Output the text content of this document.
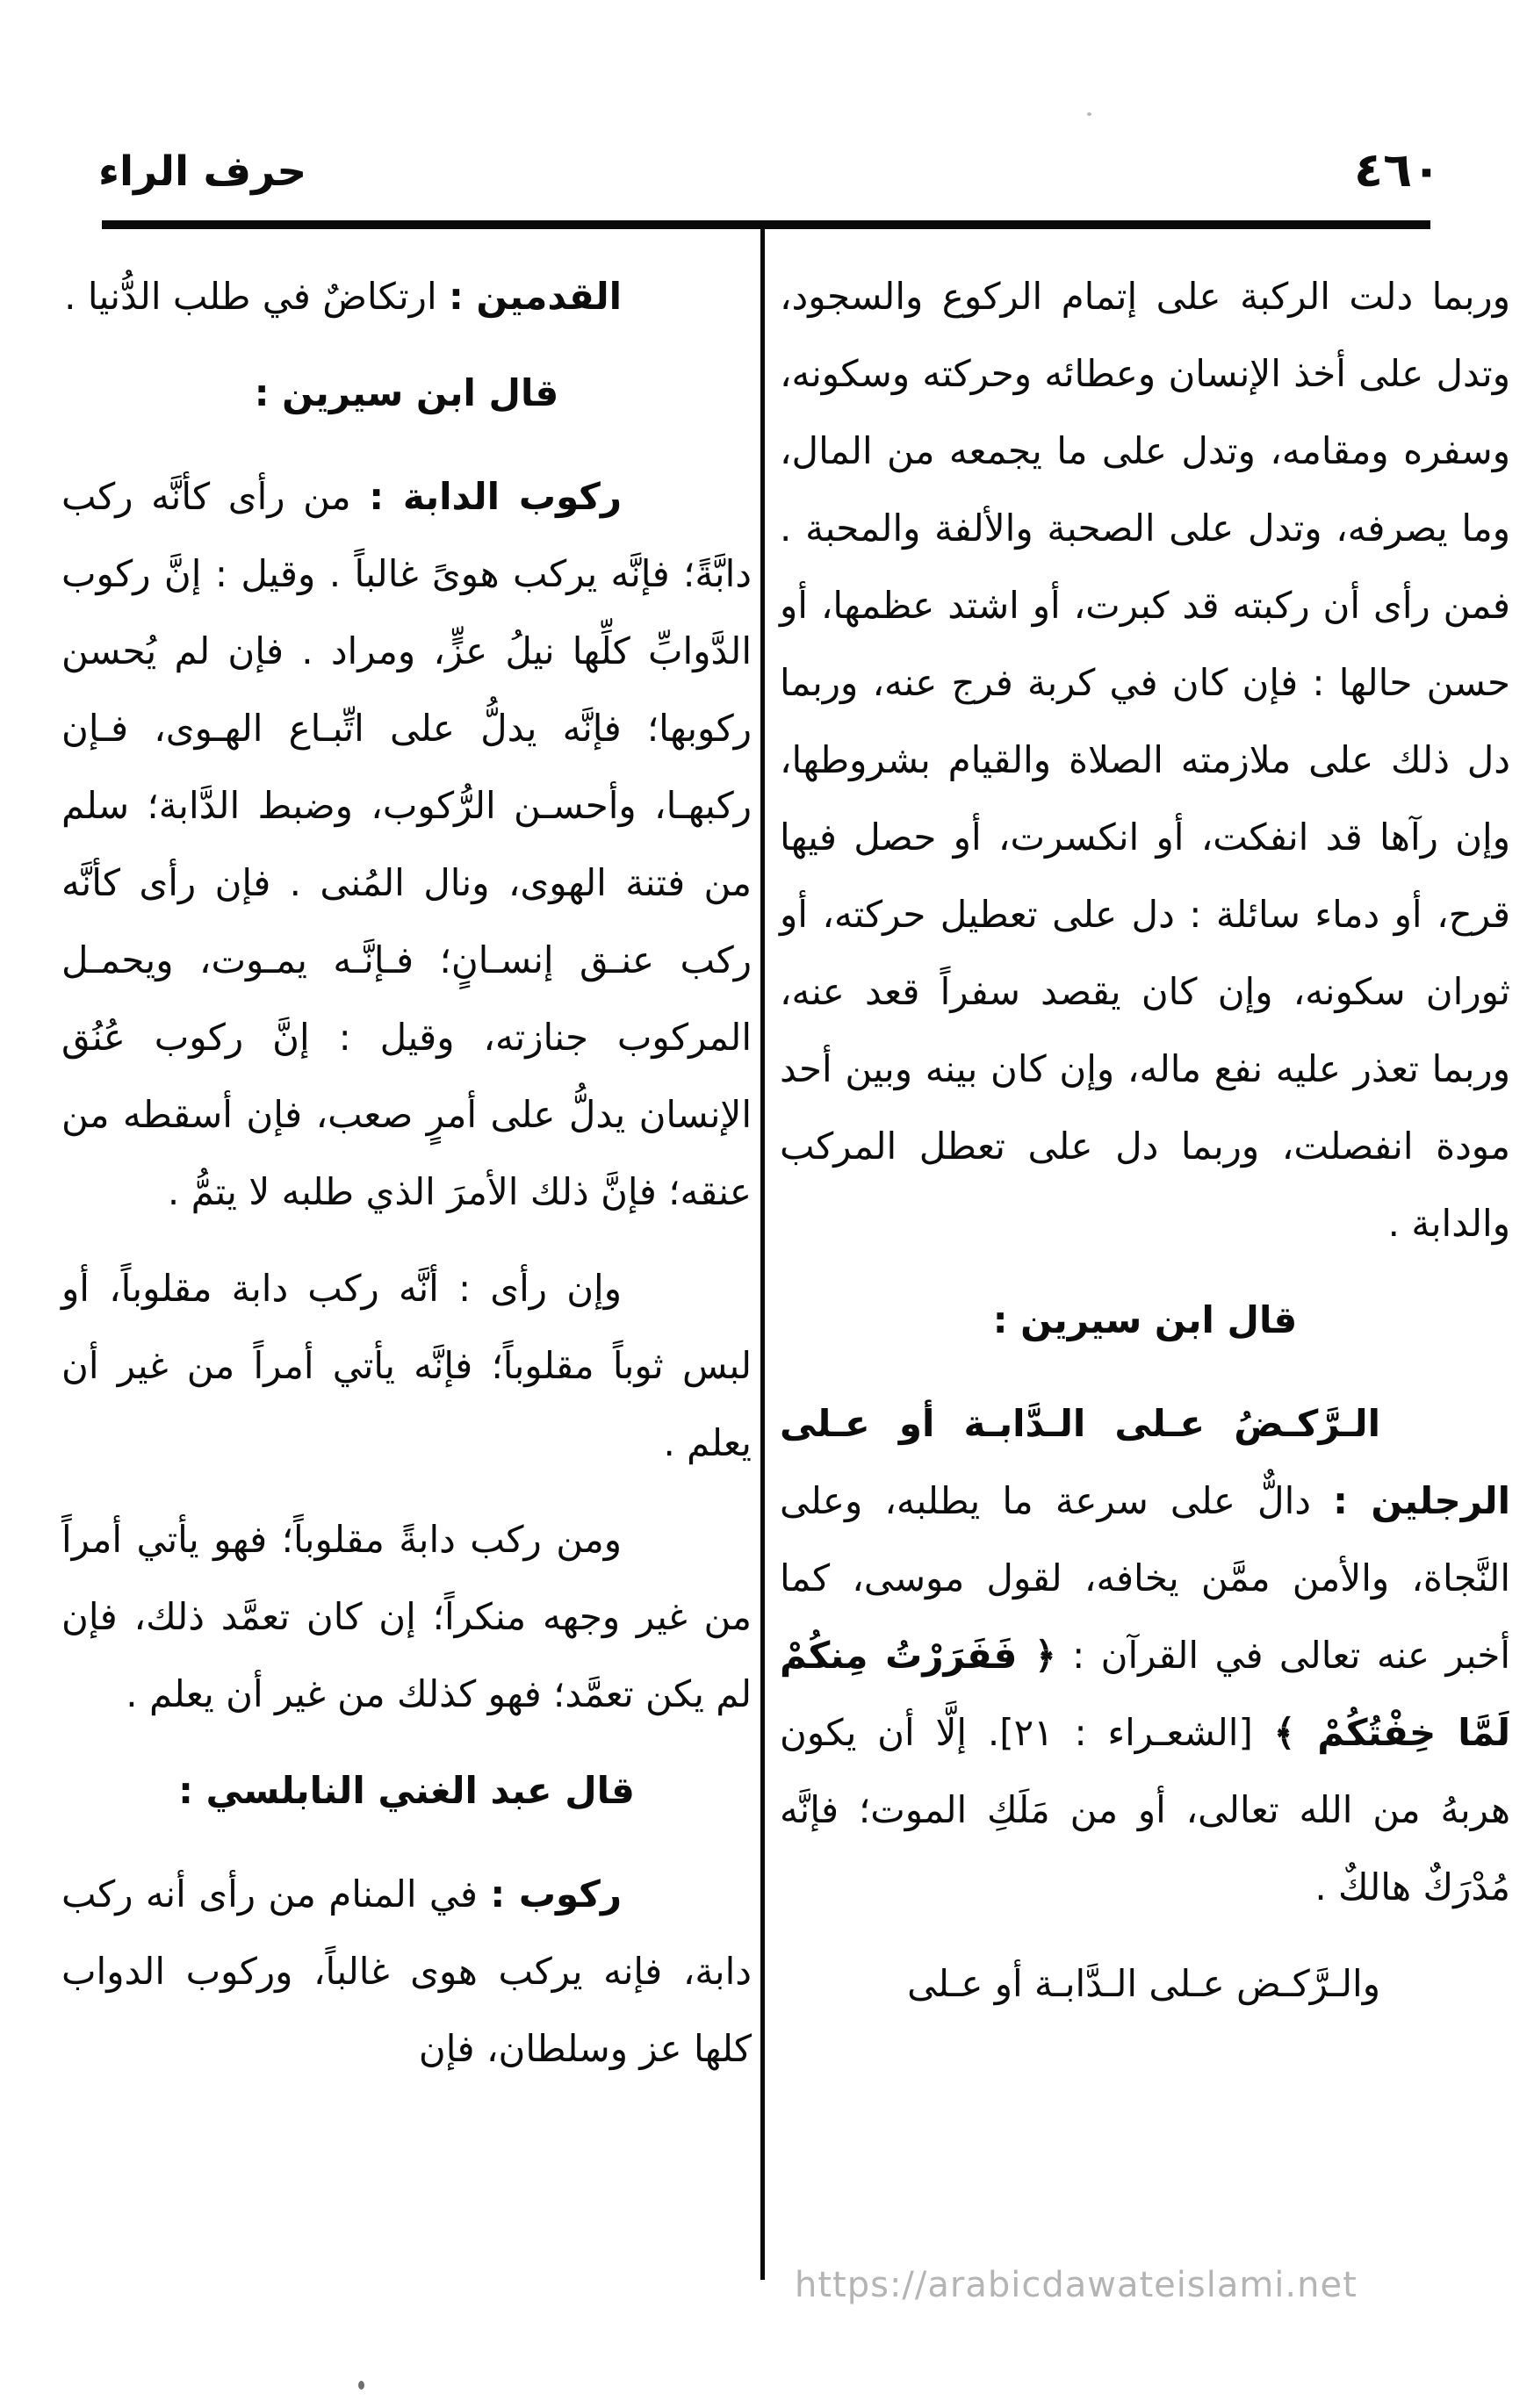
حرف الراء	٤٦٠

وربما دلت الركبة على إتمام الركوع والسجود، وتدل على أخذ الإنسان وعطائه وحركته وسكونه، وسفره ومقامه، وتدل على ما يجمعه من المال، وما يصرفه، وتدل على الصحبة والألفة والمحبة . فمن رأى أن ركبته قد كبرت، أو اشتد عظمها، أو حسن حالها : فإن كان في كربة فرج عنه، وربما دل ذلك على ملازمته الصلاة والقيام بشروطها، وإن رآها قد انفكت، أو انكسرت، أو حصل فيها قرح، أو دماء سائلة : دل على تعطيل حركته، أو ثوران سكونه، وإن كان يقصد سفراً قعد عنه، وربما تعذر عليه نفع ماله، وإن كان بينه وبين أحد مودة انفصلت، وربما دل على تعطل المركب والدابة .

قال ابن سيرين :

الـرَّكـضُ عـلى الـدَّابـة أو عـلى الرجلين : دالٌّ على سرعة ما يطلبه، وعلى النَّجاة، والأمن ممَّن يخافه، لقول موسى، كما أخبر عنه تعالى في القرآن : ﴿ فَفَرَرْتُ مِنكُمْ لَمَّا خِفْتُكُمْ ﴾ [الشعـراء : ٢١]. إلَّا أن يكون هربهُ من الله تعالى، أو من مَلَكِ الموت؛ فإنَّه مُدْرَكٌ هالكٌ .

والـرَّكـض عـلى الـدَّابـة أو عـلى

القدمين : ارتكاضٌ في طلب الدُّنيا .

قال ابن سيرين :

ركوب الدابة : من رأى كأنَّه ركب دابَّةً؛ فإنَّه يركب هوىً غالباً . وقيل : إنَّ ركوب الدَّوابِّ كلِّها نيلُ عزٍّ، ومراد . فإن لم يُحسن ركوبها؛ فإنَّه يدلُّ على اتِّبـاع الهـوى، فـإن ركبهـا، وأحسـن الرُّكوب، وضبط الدَّابة؛ سلم من فتنة الهوى، ونال المُنى . فإن رأى كأنَّه ركب عنـق إنسـانٍ؛ فـإنَّـه يمـوت، ويحمـل المركوب جنازته، وقيل : إنَّ ركوب عُنُق الإنسان يدلُّ على أمرٍ صعب، فإن أسقطه من عنقه؛ فإنَّ ذلك الأمرَ الذي طلبه لا يتمُّ .

وإن رأى : أنَّه ركب دابة مقلوباً، أو لبس ثوباً مقلوباً؛ فإنَّه يأتي أمراً من غير أن يعلم .

ومن ركب دابةً مقلوباً؛ فهو يأتي أمراً من غير وجهه منكراً؛ إن كان تعمَّد ذلك، فإن لم يكن تعمَّد؛ فهو كذلك من غير أن يعلم .

قال عبد الغني النابلسي :

ركوب : في المنام من رأى أنه ركب دابة، فإنه يركب هوى غالباً، وركوب الدواب كلها عز وسلطان، فإن

https://arabicdawateislami.net
